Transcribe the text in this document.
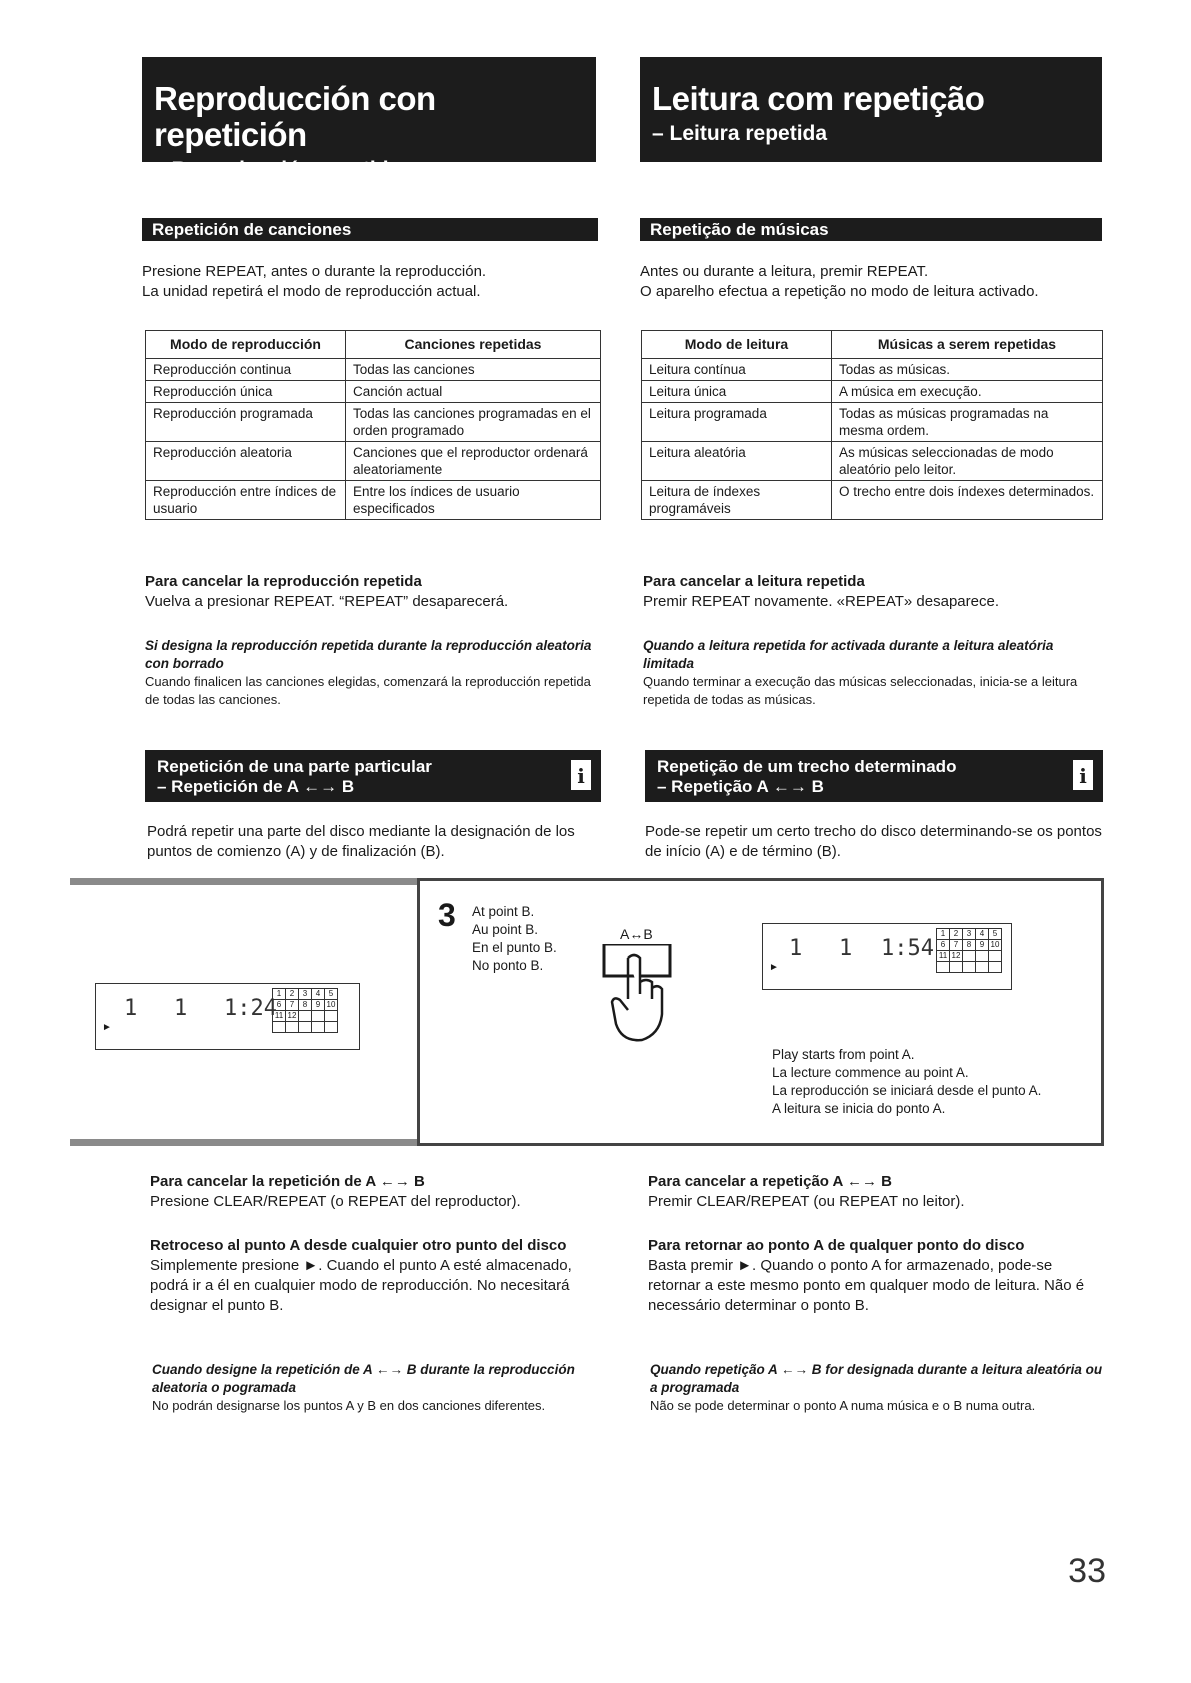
Reproducción con repetición
– Reproducción repetida
Leitura com repetição
– Leitura repetida
Repetición de canciones	Repetição de músicas
Presione REPEAT, antes o durante la reproducción.
La unidad repetirá el modo de reproducción actual.
Antes ou durante a leitura, premir REPEAT.
O aparelho efectua a repetição no modo de leitura activado.
Modo de reproducción	Canciones repetidas
Reproducción continua	Todas las canciones
Reproducción única	Canción actual
Reproducción programada	Todas las canciones programadas en el orden programado
Reproducción aleatoria	Canciones que el reproductor ordenará aleatoriamente
Reproducción entre índices de usuario	Entre los índices de usuario especificados
Modo de leitura	Músicas a serem repetidas
Leitura contínua	Todas as músicas.
Leitura única	A música em execução.
Leitura programada	Todas as músicas programadas na mesma ordem.
Leitura aleatória	As músicas seleccionadas de modo aleatório pelo leitor.
Leitura de índexes programáveis	O trecho entre dois índexes determinados.
Para cancelar la reproducción repetida
Vuelva a presionar REPEAT. “REPEAT” desaparecerá.
Para cancelar a leitura repetida
Premir REPEAT novamente. «REPEAT» desaparece.
Si designa la reproducción repetida durante la reproducción aleatoria con borrado
Cuando finalicen las canciones elegidas, comenzará la reproducción repetida de todas las canciones.
Quando a leitura repetida for activada durante a leitura aleatória limitada
Quando terminar a execução das músicas seleccionadas, inicia-se a leitura repetida de todas as músicas.
Repetición de una parte particular
– Repetición de A ←→ B	i	Repetição de um trecho determinado
– Repetição A ←→ B	i
Podrá repetir una parte del disco mediante la designación de los puntos de comienzo (A) y de finalización (B).
Pode-se repetir um certo trecho do disco determinando-se os pontos de início (A) e de término (B).
1 1 1:24
►
1	2	3	4	5
6	7	8	9	10
11	12			

3 At point B.
Au point B.
En el punto B.
No ponto B.
A↔B
1 1 1:54
►
1	2	3	4	5
6	7	8	9	10
11	12			

Play starts from point A.
La lecture commence au point A.
La reproducción se iniciará desde el punto A.
A leitura se inicia do ponto A.
Para cancelar la repetición de A ←→ B
Presione CLEAR/REPEAT (o REPEAT del reproductor).
Para cancelar a repetição A ←→ B
Premir CLEAR/REPEAT (ou REPEAT no leitor).
Retroceso al punto A desde cualquier otro punto del disco
Simplemente presione ►. Cuando el punto A esté almacenado, podrá ir a él en cualquier modo de reproducción. No necesitará designar el punto B.
Para retornar ao ponto A de qualquer ponto do disco
Basta premir ►. Quando o ponto A for armazenado, pode-se retornar a este mesmo ponto em qualquer modo de leitura. Não é necessário determinar o ponto B.
Cuando designe la repetición de A ←→ B durante la reproducción aleatoria o pogramada
No podrán designarse los puntos A y B en dos canciones diferentes.
Quando repetição A ←→ B for designada durante a leitura aleatória ou a programada
Não se pode determinar o ponto A numa música e o B numa outra.
33
